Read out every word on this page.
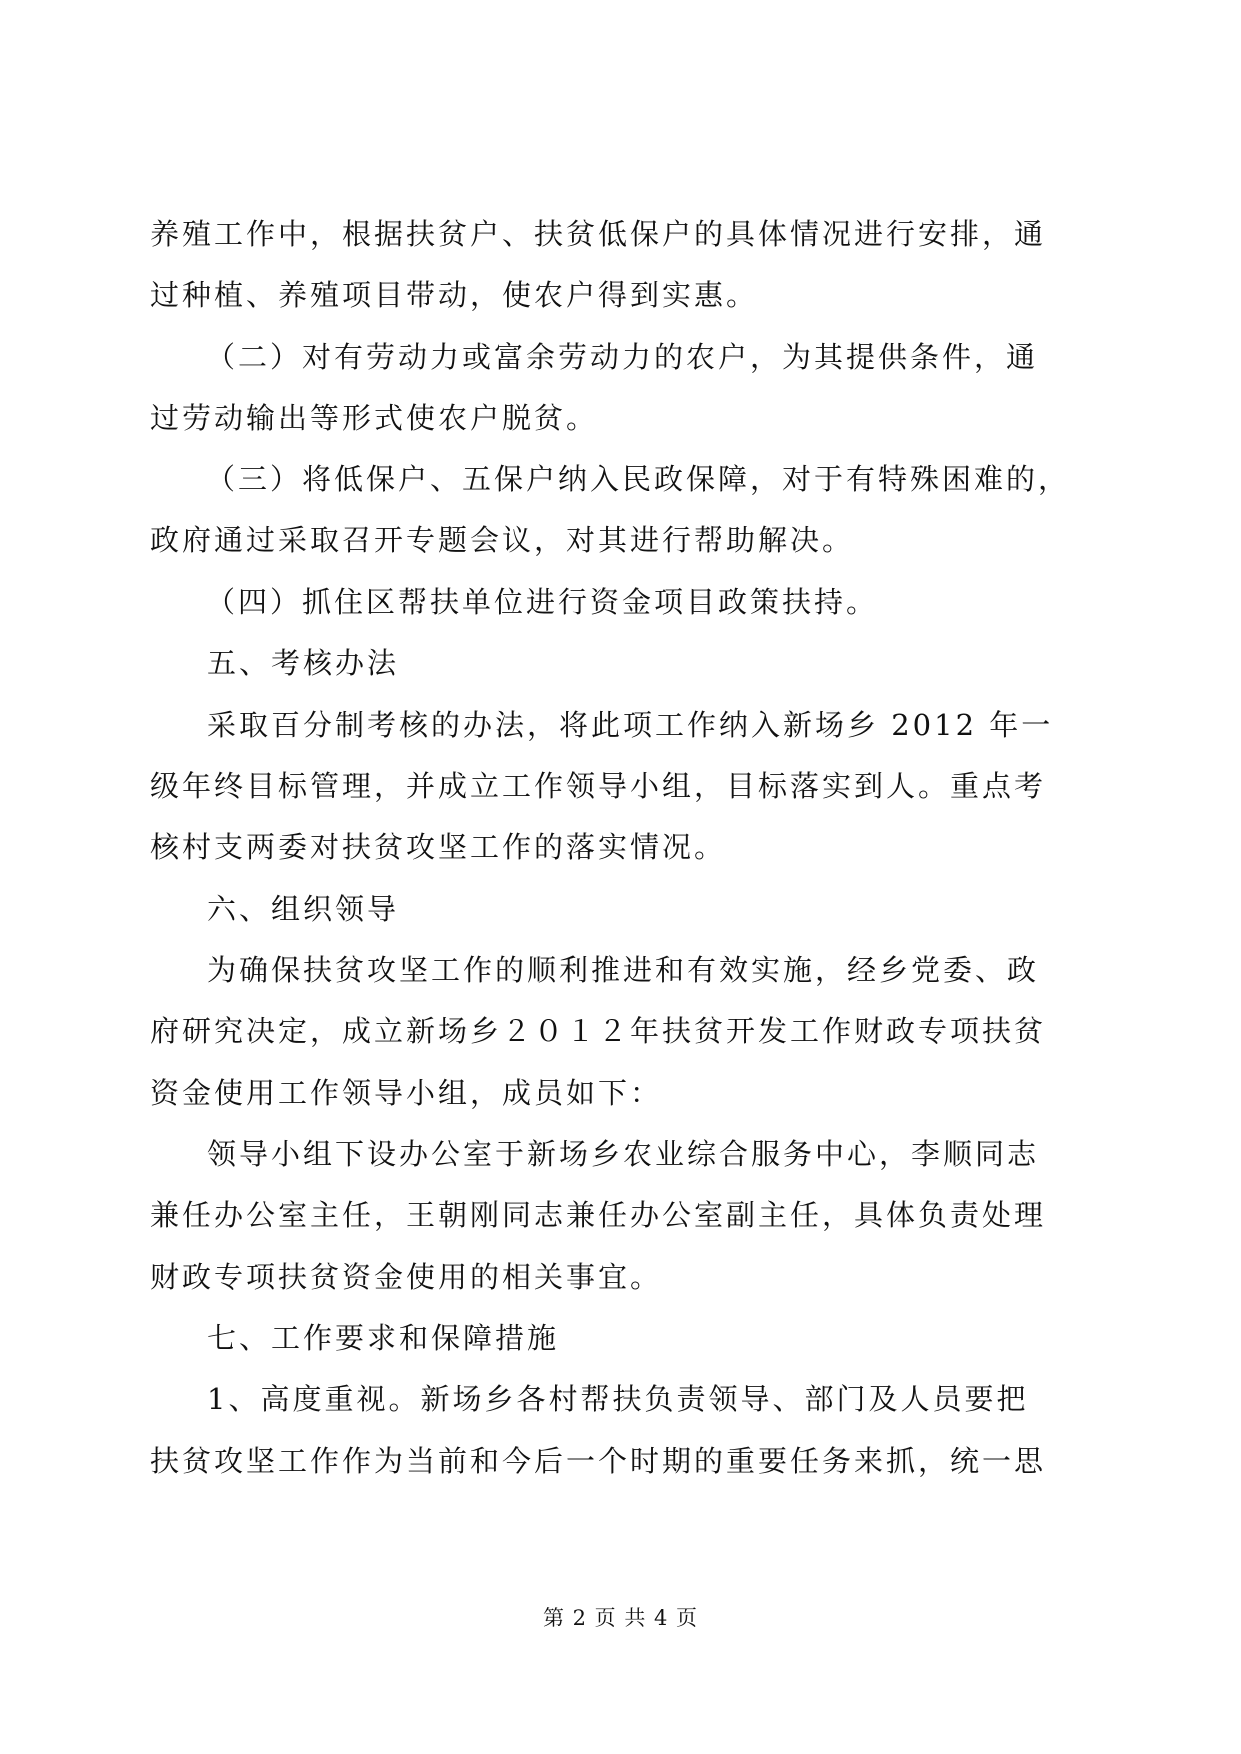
养殖工作中，根据扶贫户、扶贫低保户的具体情况进行安排，通
过种植、养殖项目带动，使农户得到实惠。
（二）对有劳动力或富余劳动力的农户，为其提供条件，通
过劳动输出等形式使农户脱贫。
（三）将低保户、五保户纳入民政保障，对于有特殊困难的，
政府通过采取召开专题会议，对其进行帮助解决。
（四）抓住区帮扶单位进行资金项目政策扶持。
五、考核办法
采取百分制考核的办法，将此项工作纳入新场乡 2012 年一
级年终目标管理，并成立工作领导小组，目标落实到人。重点考
核村支两委对扶贫攻坚工作的落实情况。
六、组织领导
为确保扶贫攻坚工作的顺利推进和有效实施，经乡党委、政
府研究决定，成立新场乡２０１２年扶贫开发工作财政专项扶贫
资金使用工作领导小组，成员如下：
领导小组下设办公室于新场乡农业综合服务中心，李顺同志
兼任办公室主任，王朝刚同志兼任办公室副主任，具体负责处理
财政专项扶贫资金使用的相关事宜。
七、工作要求和保障措施
1、高度重视。新场乡各村帮扶负责领导、部门及人员要把
扶贫攻坚工作作为当前和今后一个时期的重要任务来抓，统一思
第 2 页 共 4 页
